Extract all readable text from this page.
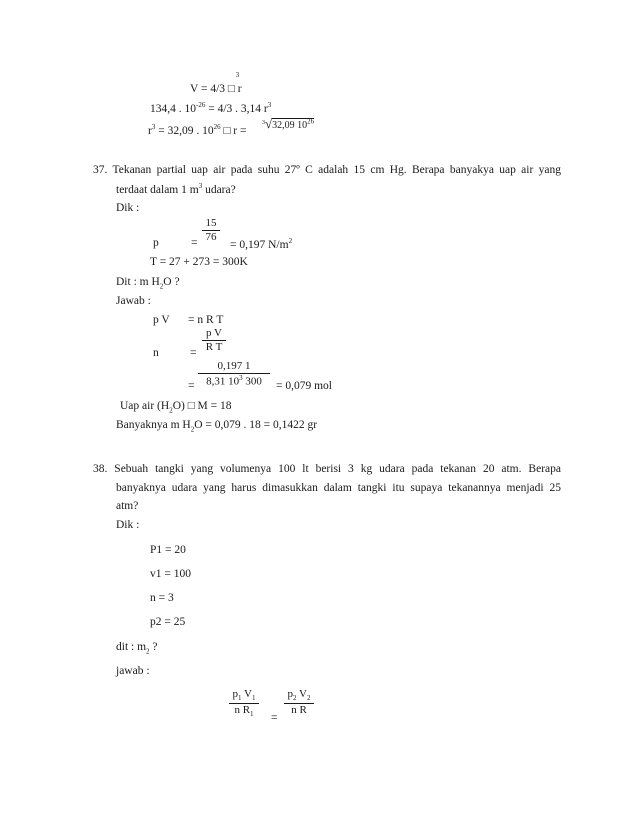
V = 4/3 □ $r^3$
134,4 . $10^{-26} = 4/3$ . 3,14 $r^3$
$r^3 = 32,09$ . $10^{26}$ □ r =
$^3$√32,09 $10^{26}$
37. Tekanan partial uap air pada suhu 27º C adalah 15 cm Hg. Berapa banyakya uap air yang
terdaat dalam 1 $m^3$ udara?
Dik :
p	=
15
76
= 0,197 $N/m^2$
T = 27 + 273 = 300K
Dit : m $H_2O$ ?
Jawab :
p V = n R T
n	=
p V
R T
=
0,197 1
8,31 $10^3$ 300	= 0,079 mol
Uap air $(H_2O)$ □ M = 18
Banyaknya m $H_2O = 0,079$ . 18 = 0,1422 gr
38. Sebuah tangki yang volumenya 100 lt berisi 3 kg udara pada tekanan 20 atm. Berapa
banyaknya udara yang harus dimasukkan dalam tangki itu supaya tekanannya menjadi 25
atm?
Dik :
P1 = 20
v1 = 100
n = 3
p2 = 25
dit : $m_2$ ?
jawab :
$p_1$ $V_1$
n $R_1$	=
$p_2$ $V_2$
n R
